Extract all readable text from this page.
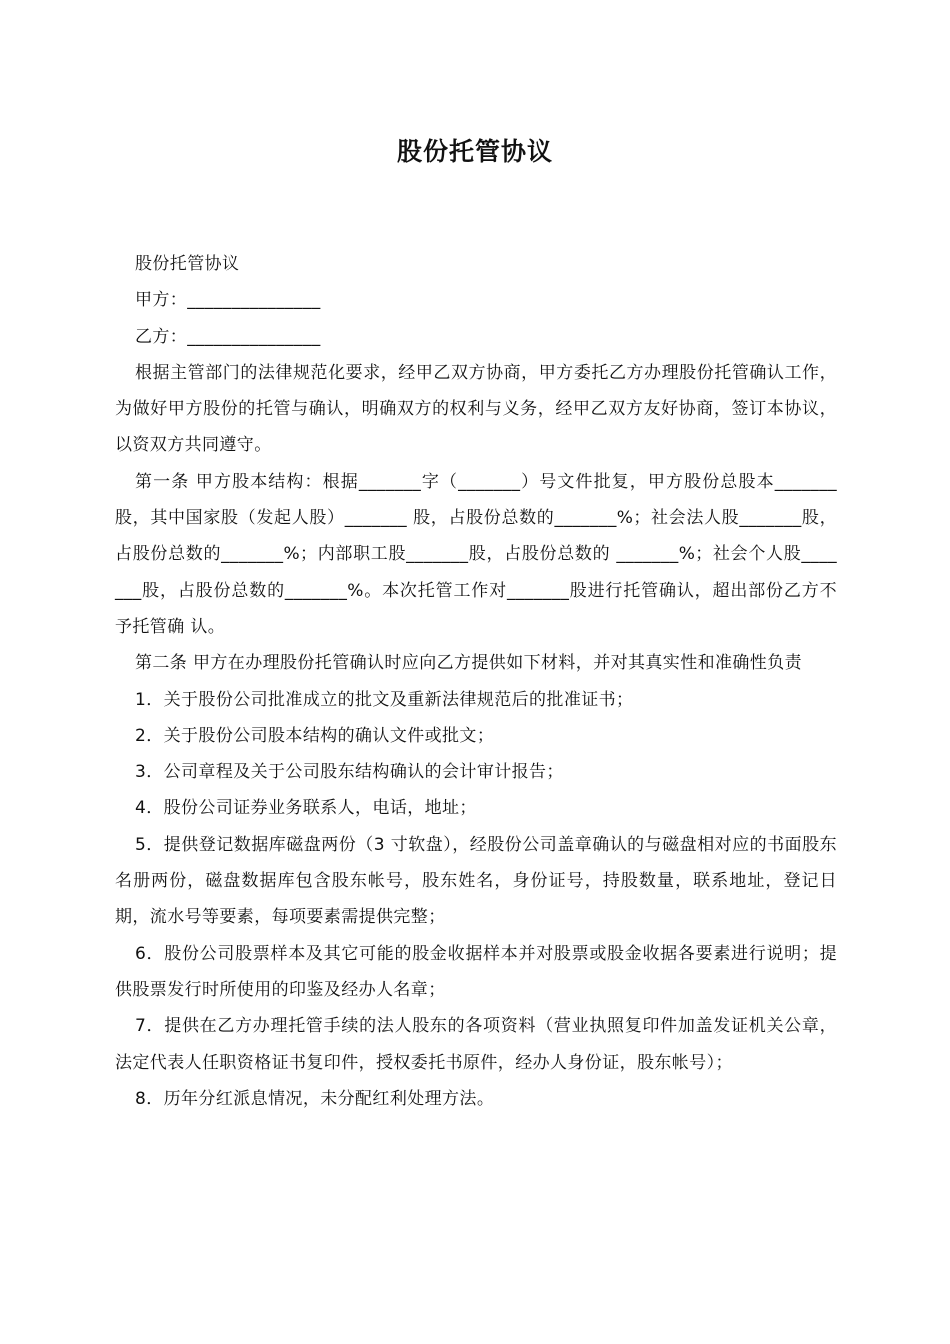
股份托管协议

股份托管协议

甲方：_______________

乙方：_______________

根据主管部门的法律规范化要求，经甲乙双方协商，甲方委托乙方办理股份托管确认工作，为做好甲方股份的托管与确认，明确双方的权利与义务，经甲乙双方友好协商，签订本协议，以资双方共同遵守。

第一条 甲方股本结构：根据_______字（_______）号文件批复，甲方股份总股本_______股，其中国家股（发起人股）_______ 股，占股份总数的_______%；社会法人股_______股，占股份总数的_______%；内部职工股_______股，占股份总数的 _______%；社会个人股_______股，占股份总数的_______%。本次托管工作对_______股进行托管确认，超出部份乙方不予托管确 认。

第二条 甲方在办理股份托管确认时应向乙方提供如下材料，并对其真实性和准确性负责

1．关于股份公司批准成立的批文及重新法律规范后的批准证书；

2．关于股份公司股本结构的确认文件或批文；

3．公司章程及关于公司股东结构确认的会计审计报告；

4．股份公司证券业务联系人，电话，地址；

5．提供登记数据库磁盘两份（3 寸软盘），经股份公司盖章确认的与磁盘相对应的书面股东名册两份，磁盘数据库包含股东帐号，股东姓名，身份证号，持股数量，联系地址，登记日期，流水号等要素，每项要素需提供完整；

6．股份公司股票样本及其它可能的股金收据样本并对股票或股金收据各要素进行说明；提供股票发行时所使用的印鉴及经办人名章；

7．提供在乙方办理托管手续的法人股东的各项资料（营业执照复印件加盖发证机关公章，法定代表人任职资格证书复印件，授权委托书原件，经办人身份证，股东帐号）；

8．历年分红派息情况，未分配红利处理方法。
